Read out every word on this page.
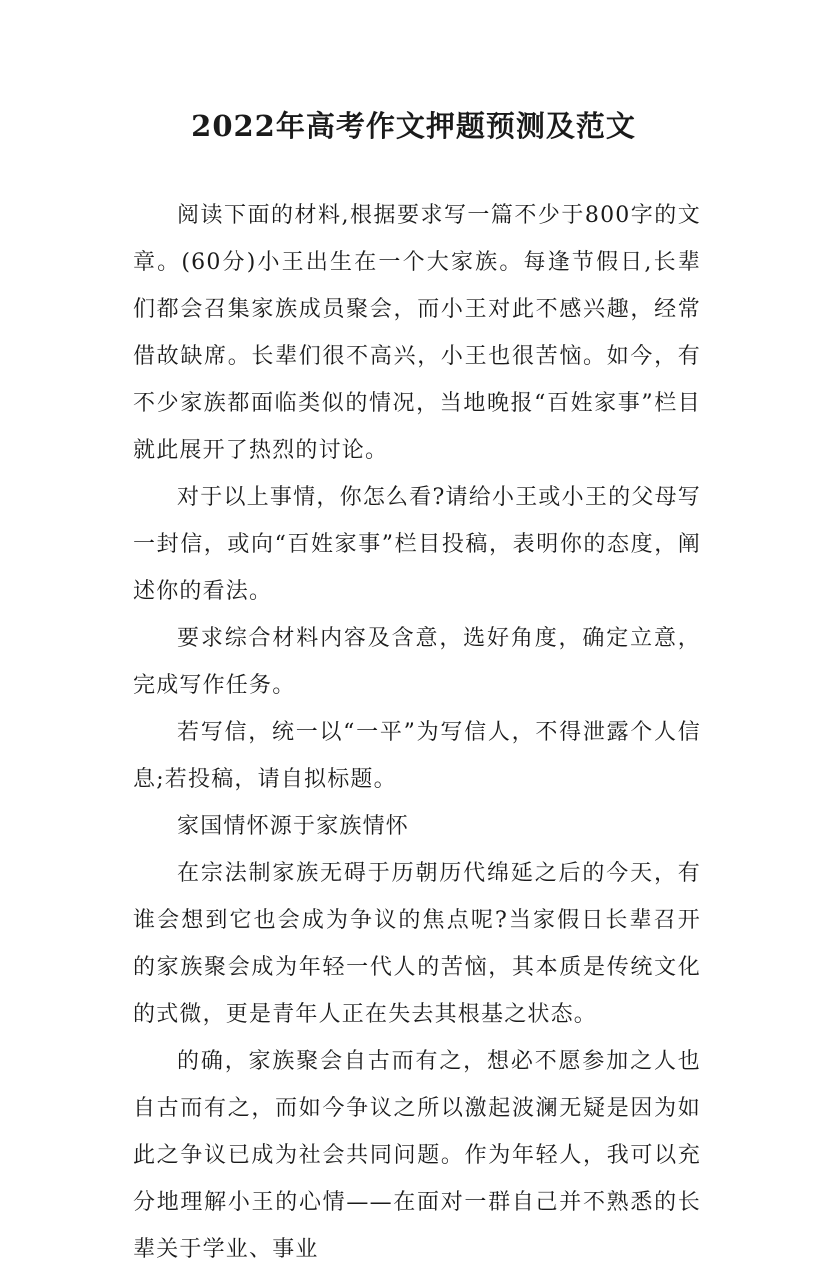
2022年高考作文押题预测及范文

阅读下面的材料,根据要求写一篇不少于800字的文章。(60分)小王出生在一个大家族。每逢节假日,长辈们都会召集家族成员聚会，而小王对此不感兴趣，经常借故缺席。长辈们很不高兴，小王也很苦恼。如今，有不少家族都面临类似的情况，当地晚报“百姓家事”栏目就此展开了热烈的讨论。

对于以上事情，你怎么看?请给小王或小王的父母写一封信，或向“百姓家事”栏目投稿，表明你的态度，阐述你的看法。

要求综合材料内容及含意，选好角度，确定立意，完成写作任务。

若写信，统一以“一平”为写信人，不得泄露个人信息;若投稿，请自拟标题。

家国情怀源于家族情怀

在宗法制家族无碍于历朝历代绵延之后的今天，有谁会想到它也会成为争议的焦点呢?当家假日长辈召开的家族聚会成为年轻一代人的苦恼，其本质是传统文化的式微，更是青年人正在失去其根基之状态。

的确，家族聚会自古而有之，想必不愿参加之人也自古而有之，而如今争议之所以激起波澜无疑是因为如此之争议已成为社会共同问题。作为年轻人，我可以充分地理解小王的心情——在面对一群自己并不熟悉的长辈关于学业、事业
